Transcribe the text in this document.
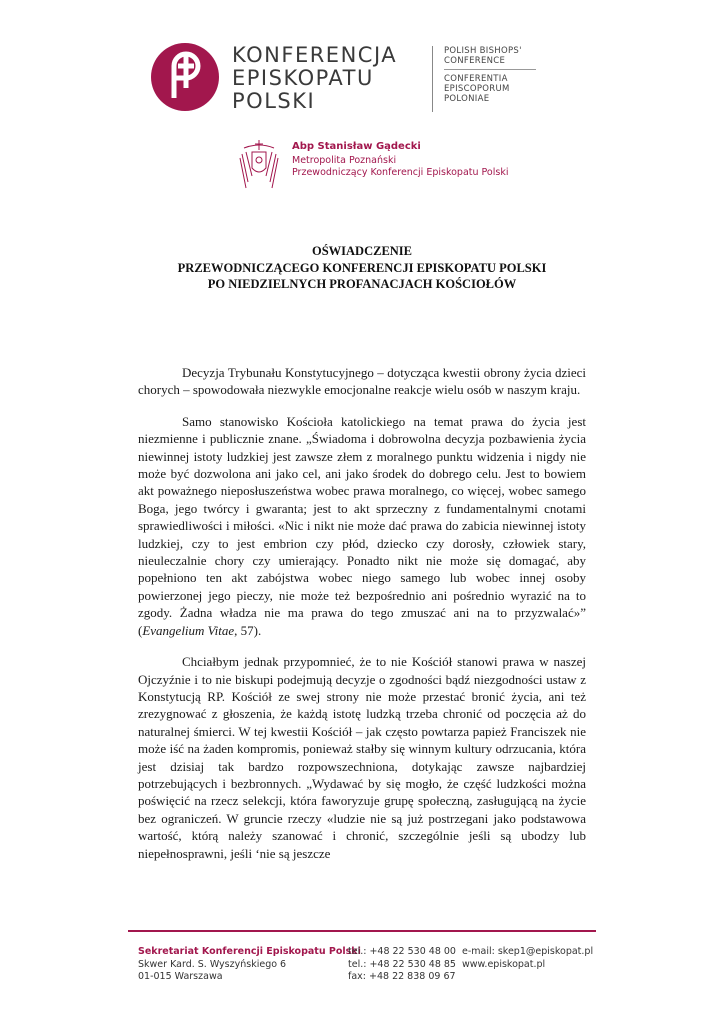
KONFERENCJA
EPISKOPATU
POLSKI
POLISH BISHOPS'
CONFERENCE
CONFERENTIA
EPISCOPORUM
POLONIAE
Abp Stanisław Gądecki
Metropolita Poznański
Przewodniczący Konferencji Episkopatu Polski
OŚWIADCZENIE
PRZEWODNICZĄCEGO KONFERENCJI EPISKOPATU POLSKI
PO NIEDZIELNYCH PROFANACJACH KOŚCIOŁÓW

Decyzja Trybunału Konstytucyjnego – dotycząca kwestii obrony życia dzieci chorych – spowodowała niezwykle emocjonalne reakcje wielu osób w naszym kraju.

Samo stanowisko Kościoła katolickiego na temat prawa do życia jest niezmienne i publicznie znane. „Świadoma i dobrowolna decyzja pozbawienia życia niewinnej istoty ludzkiej jest zawsze złem z moralnego punktu widzenia i nigdy nie może być dozwolona ani jako cel, ani jako środek do dobrego celu. Jest to bowiem akt poważnego nieposłuszeństwa wobec prawa moralnego, co więcej, wobec samego Boga, jego twórcy i gwaranta; jest to akt sprzeczny z fundamentalnymi cnotami sprawiedliwości i miłości. «Nic i nikt nie może dać prawa do zabicia niewinnej istoty ludzkiej, czy to jest embrion czy płód, dziecko czy dorosły, człowiek stary, nieuleczalnie chory czy umierający. Ponadto nikt nie może się domagać, aby popełniono ten akt zabójstwa wobec niego samego lub wobec innej osoby powierzonej jego pieczy, nie może też bezpośrednio ani pośrednio wyrazić na to zgody. Żadna władza nie ma prawa do tego zmuszać ani na to przyzwalać»” (Evangelium Vitae, 57).

Chciałbym jednak przypomnieć, że to nie Kościół stanowi prawa w naszej Ojczyźnie i to nie biskupi podejmują decyzje o zgodności bądź niezgodności ustaw z Konstytucją RP. Kościół ze swej strony nie może przestać bronić życia, ani też zrezygnować z głoszenia, że każdą istotę ludzką trzeba chronić od poczęcia aż do naturalnej śmierci. W tej kwestii Kościół – jak często powtarza papież Franciszek nie może iść na żaden kompromis, ponieważ stałby się winnym kultury odrzucania, która jest dzisiaj tak bardzo rozpowszechniona, dotykając zawsze najbardziej potrzebujących i bezbronnych. „Wydawać by się mogło, że część ludzkości można poświęcić na rzecz selekcji, która faworyzuje grupę społeczną, zasługującą na życie bez ograniczeń. W gruncie rzeczy «ludzie nie są już postrzegani jako podstawowa wartość, którą należy szanować i chronić, szczególnie jeśli są ubodzy lub niepełnosprawni, jeśli ‘nie są jeszcze

Sekretariat Konferencji Episkopatu Polski
Skwer Kard. S. Wyszyńskiego 6
01-015 Warszawa
tel.: +48 22 530 48 00
tel.: +48 22 530 48 85
fax: +48 22 838 09 67
e-mail: skep1@episkopat.pl
www.episkopat.pl
